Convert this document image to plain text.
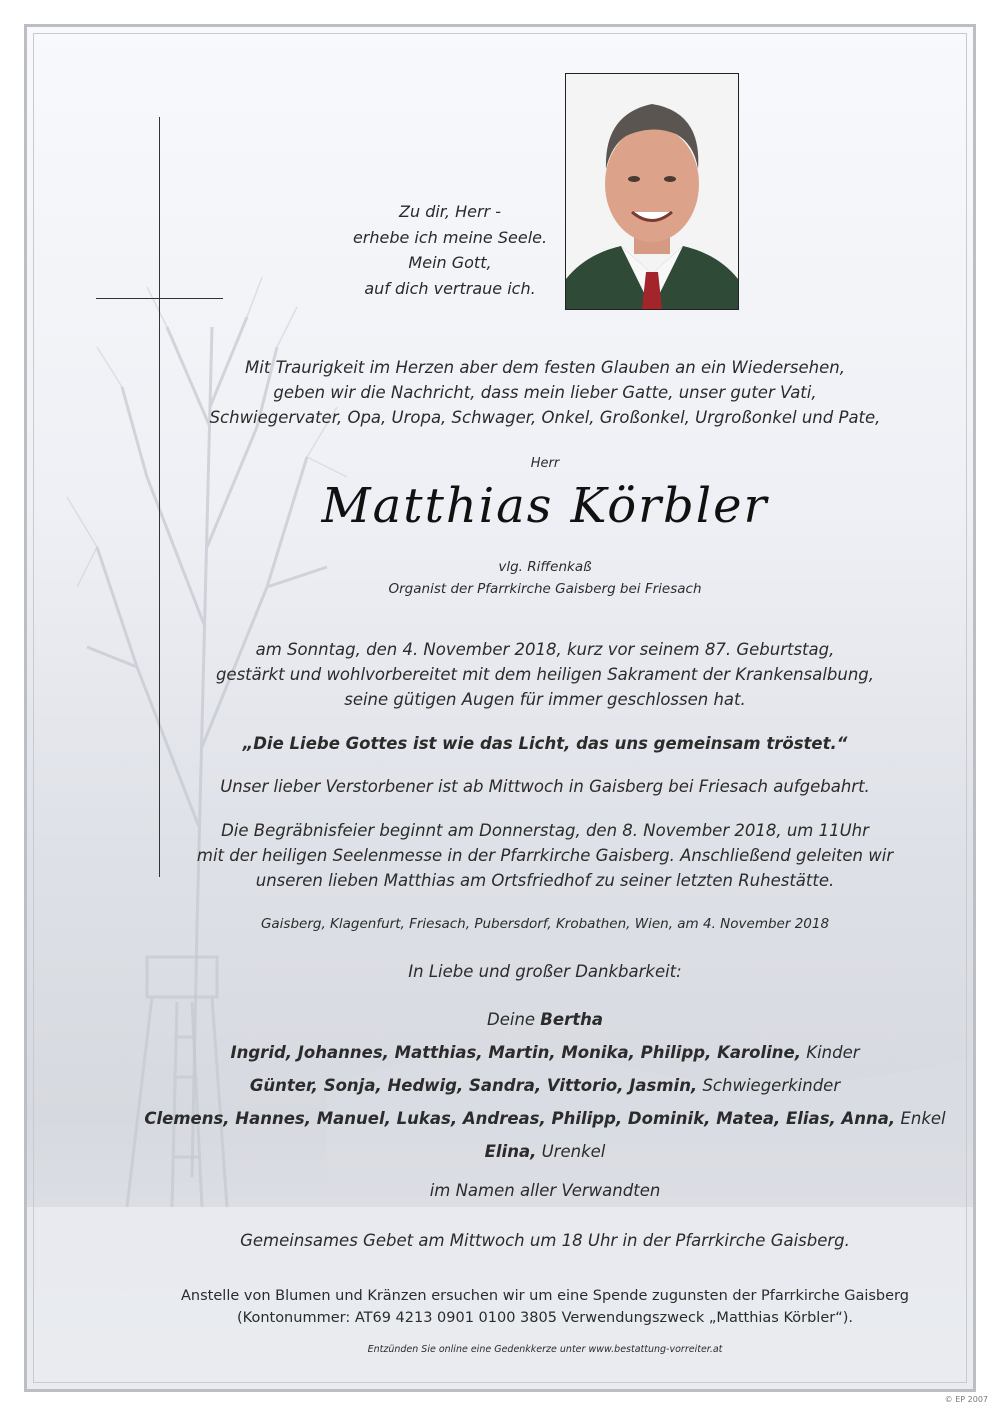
Zu dir, Herr -
erhebe ich meine Seele.
Mein Gott,
auf dich vertraue ich.
Mit Traurigkeit im Herzen aber dem festen Glauben an ein Wiedersehen,
geben wir die Nachricht, dass mein lieber Gatte, unser guter Vati,
Schwiegervater, Opa, Uropa, Schwager, Onkel, Großonkel, Urgroßonkel und Pate,
Herr
Matthias Körbler
vlg. Riffenkaß
Organist der Pfarrkirche Gaisberg bei Friesach
am Sonntag, den 4. November 2018, kurz vor seinem 87. Geburtstag,
gestärkt und wohlvorbereitet mit dem heiligen Sakrament der Krankensalbung,
seine gütigen Augen für immer geschlossen hat.
„Die Liebe Gottes ist wie das Licht, das uns gemeinsam tröstet.“
Unser lieber Verstorbener ist ab Mittwoch in Gaisberg bei Friesach aufgebahrt.
Die Begräbnisfeier beginnt am Donnerstag, den 8. November 2018, um 11Uhr
mit der heiligen Seelenmesse in der Pfarrkirche Gaisberg. Anschließend geleiten wir
unseren lieben Matthias am Ortsfriedhof zu seiner letzten Ruhestätte.
Gaisberg, Klagenfurt, Friesach, Pubersdorf, Krobathen, Wien, am 4. November 2018
In Liebe und großer Dankbarkeit:
Deine Bertha
Ingrid, Johannes, Matthias, Martin, Monika, Philipp, Karoline, Kinder
Günter, Sonja, Hedwig, Sandra, Vittorio, Jasmin, Schwiegerkinder
Clemens, Hannes, Manuel, Lukas, Andreas, Philipp, Dominik, Matea, Elias, Anna, Enkel
Elina, Urenkel
im Namen aller Verwandten
Gemeinsames Gebet am Mittwoch um 18 Uhr in der Pfarrkirche Gaisberg.
Anstelle von Blumen und Kränzen ersuchen wir um eine Spende zugunsten der Pfarrkirche Gaisberg
(Kontonummer: AT69 4213 0901 0100 3805 Verwendungszweck „Matthias Körbler“).
Entzünden Sie online eine Gedenkkerze unter www.bestattung-vorreiter.at
© EP 2007
